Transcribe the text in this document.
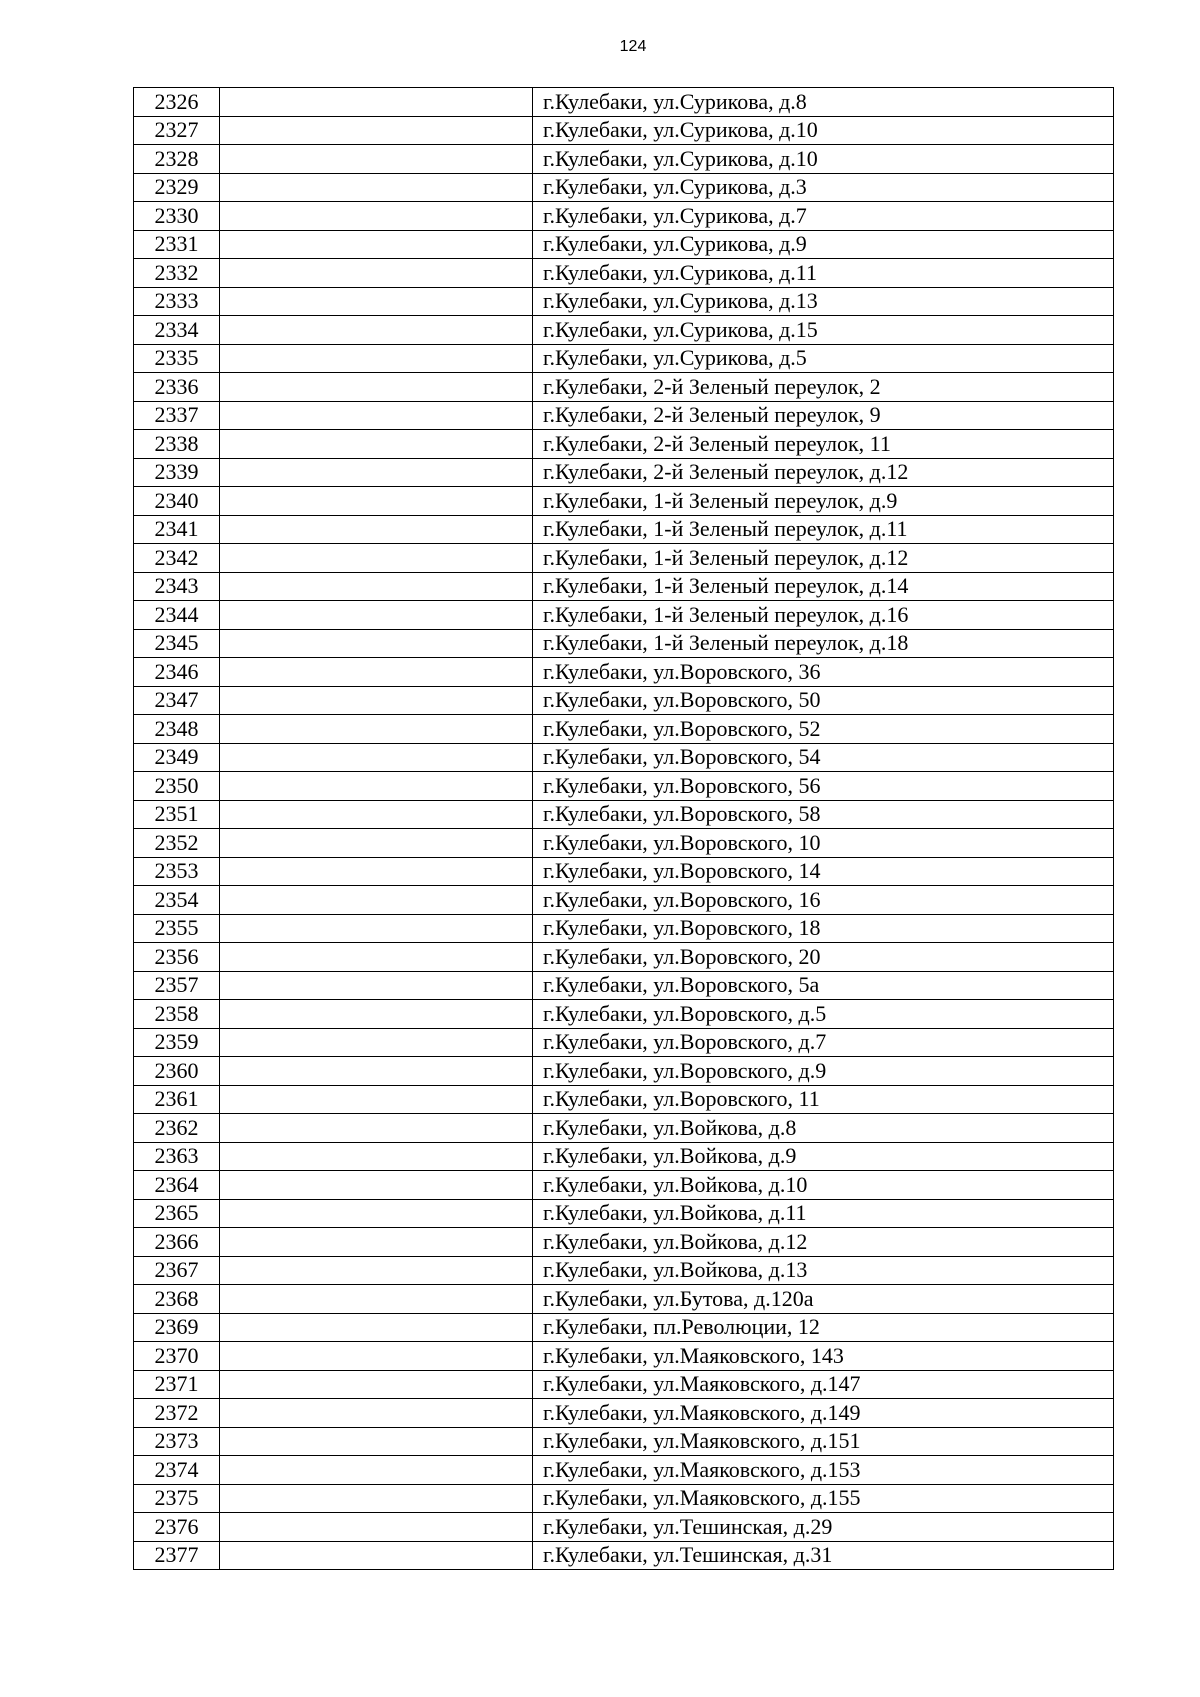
124
2326		г.Кулебаки, ул.Сурикова, д.8
2327		г.Кулебаки, ул.Сурикова, д.10
2328		г.Кулебаки, ул.Сурикова, д.10
2329		г.Кулебаки, ул.Сурикова, д.3
2330		г.Кулебаки, ул.Сурикова, д.7
2331		г.Кулебаки, ул.Сурикова, д.9
2332		г.Кулебаки, ул.Сурикова, д.11
2333		г.Кулебаки, ул.Сурикова, д.13
2334		г.Кулебаки, ул.Сурикова, д.15
2335		г.Кулебаки, ул.Сурикова, д.5
2336		г.Кулебаки, 2-й Зеленый переулок, 2
2337		г.Кулебаки, 2-й Зеленый переулок, 9
2338		г.Кулебаки, 2-й Зеленый переулок, 11
2339		г.Кулебаки, 2-й Зеленый переулок, д.12
2340		г.Кулебаки, 1-й Зеленый переулок, д.9
2341		г.Кулебаки, 1-й Зеленый переулок, д.11
2342		г.Кулебаки, 1-й Зеленый переулок, д.12
2343		г.Кулебаки, 1-й Зеленый переулок, д.14
2344		г.Кулебаки, 1-й Зеленый переулок, д.16
2345		г.Кулебаки, 1-й Зеленый переулок, д.18
2346		г.Кулебаки, ул.Воровского, 36
2347		г.Кулебаки, ул.Воровского, 50
2348		г.Кулебаки, ул.Воровского, 52
2349		г.Кулебаки, ул.Воровского, 54
2350		г.Кулебаки, ул.Воровского, 56
2351		г.Кулебаки, ул.Воровского, 58
2352		г.Кулебаки, ул.Воровского, 10
2353		г.Кулебаки, ул.Воровского, 14
2354		г.Кулебаки, ул.Воровского, 16
2355		г.Кулебаки, ул.Воровского, 18
2356		г.Кулебаки, ул.Воровского, 20
2357		г.Кулебаки, ул.Воровского, 5а
2358		г.Кулебаки, ул.Воровского, д.5
2359		г.Кулебаки, ул.Воровского, д.7
2360		г.Кулебаки, ул.Воровского, д.9
2361		г.Кулебаки, ул.Воровского, 11
2362		г.Кулебаки, ул.Войкова, д.8
2363		г.Кулебаки, ул.Войкова, д.9
2364		г.Кулебаки, ул.Войкова, д.10
2365		г.Кулебаки, ул.Войкова, д.11
2366		г.Кулебаки, ул.Войкова, д.12
2367		г.Кулебаки, ул.Войкова, д.13
2368		г.Кулебаки, ул.Бутова, д.120а
2369		г.Кулебаки, пл.Революции, 12
2370		г.Кулебаки, ул.Маяковского, 143
2371		г.Кулебаки, ул.Маяковского, д.147
2372		г.Кулебаки, ул.Маяковского, д.149
2373		г.Кулебаки, ул.Маяковского, д.151
2374		г.Кулебаки, ул.Маяковского, д.153
2375		г.Кулебаки, ул.Маяковского, д.155
2376		г.Кулебаки, ул.Тешинская, д.29
2377		г.Кулебаки, ул.Тешинская, д.31
